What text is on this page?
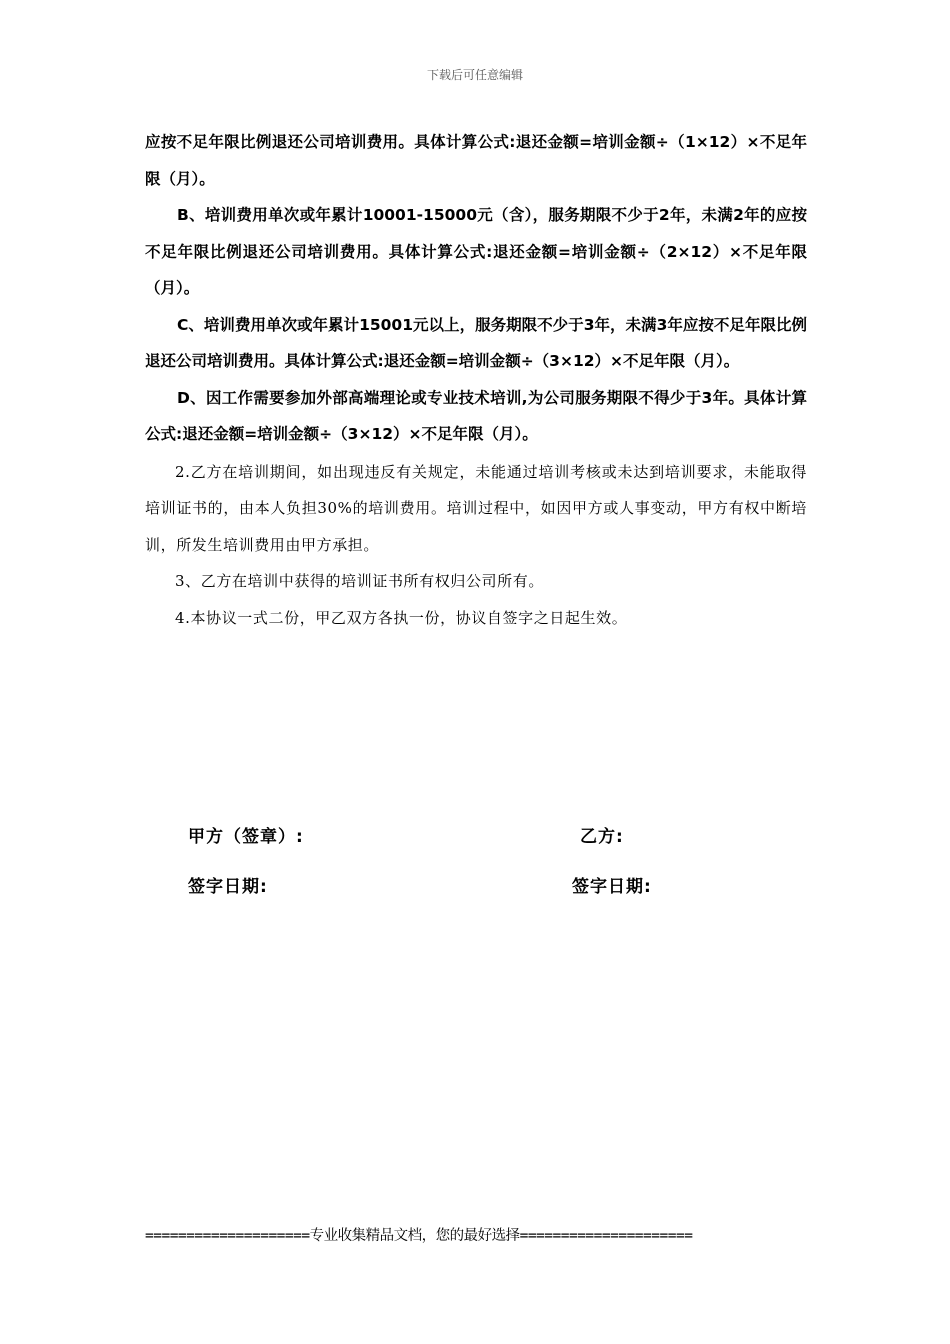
下载后可任意编辑

应按不足年限比例退还公司培训费用。具体计算公式:退还金额=培训金额÷（1×12）×不足年限（月）。

B、培训费用单次或年累计10001-15000元（含），服务期限不少于2年，未满2年的应按不足年限比例退还公司培训费用。具体计算公式:退还金额=培训金额÷（2×12）×不足年限（月）。

C、培训费用单次或年累计15001元以上，服务期限不少于3年，未满3年应按不足年限比例退还公司培训费用。具体计算公式:退还金额=培训金额÷（3×12）×不足年限（月）。

D、因工作需要参加外部高端理论或专业技术培训,为公司服务期限不得少于3年。具体计算公式:退还金额=培训金额÷（3×12）×不足年限（月）。

2.乙方在培训期间，如出现违反有关规定，未能通过培训考核或未达到培训要求，未能取得培训证书的，由本人负担30%的培训费用。培训过程中，如因甲方或人事变动，甲方有权中断培训，所发生培训费用由甲方承担。

3、乙方在培训中获得的培训证书所有权归公司所有。

4.本协议一式二份，甲乙双方各执一份，协议自签字之日起生效。

甲方（签章）:	乙方:
签字日期:	签字日期:
====================专业收集精品文档，您的最好选择=====================
